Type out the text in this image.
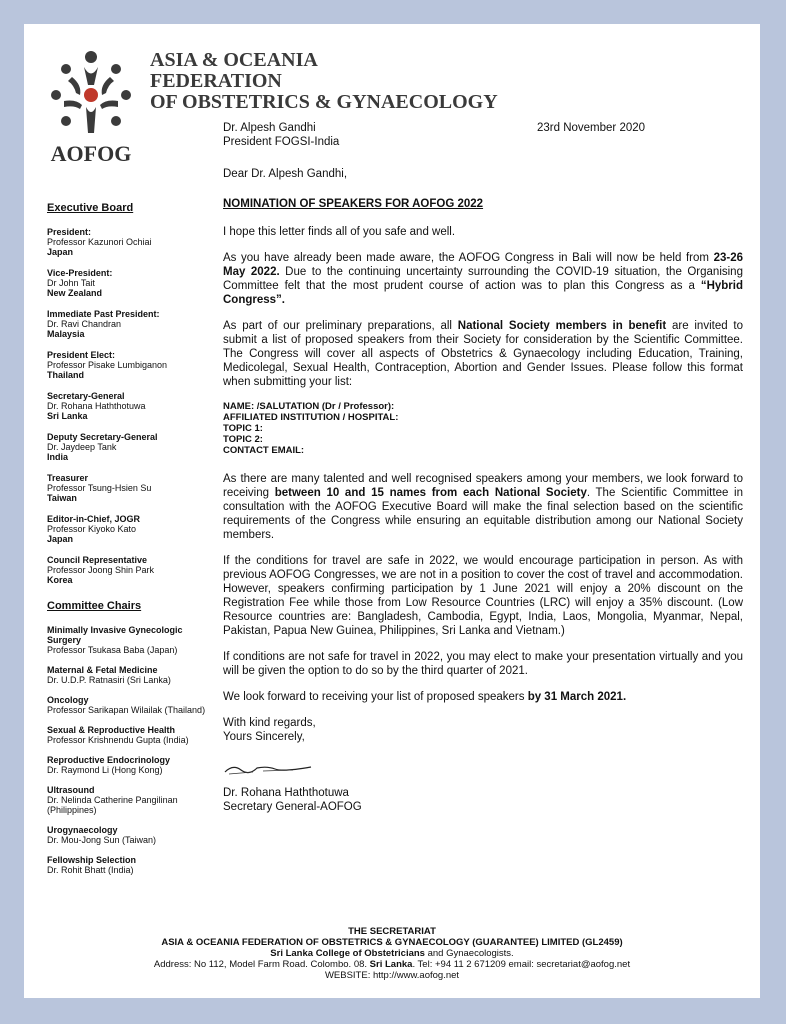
AOFOG
ASIA & OCEANIA
FEDERATION
OF OBSTETRICS & GYNAECOLOGY
Executive Board
President:
Professor Kazunori Ochiai
Japan
Vice-President:
Dr John Tait
New Zealand
Immediate Past President:
Dr. Ravi Chandran
Malaysia
President Elect:
Professor Pisake Lumbiganon
Thailand
Secretary-General
Dr. Rohana Haththotuwa
Sri Lanka
Deputy Secretary-General
Dr. Jaydeep Tank
India
Treasurer
Professor Tsung-Hsien Su
Taiwan
Editor-in-Chief, JOGR
Professor Kiyoko Kato
Japan
Council Representative
Professor Joong Shin Park
Korea
Committee Chairs
Minimally Invasive Gynecologic Surgery
Professor Tsukasa Baba (Japan)
Maternal & Fetal Medicine
Dr. U.D.P. Ratnasiri (Sri Lanka)
Oncology
Professor Sarikapan Wilailak (Thailand)
Sexual & Reproductive Health
Professor Krishnendu Gupta (India)
Reproductive Endocrinology
Dr. Raymond Li (Hong Kong)
Ultrasound
Dr. Nelinda Catherine Pangilinan (Philippines)
Urogynaecology
Dr. Mou-Jong Sun (Taiwan)
Fellowship Selection
Dr. Rohit Bhatt (India)
Dr. Alpesh Gandhi
President FOGSI-India
23rd November 2020
Dear Dr. Alpesh Gandhi,
NOMINATION OF SPEAKERS FOR AOFOG 2022

I hope this letter finds all of you safe and well.

As you have already been made aware, the AOFOG Congress in Bali will now be held from 23-26 May 2022. Due to the continuing uncertainty surrounding the COVID-19 situation, the Organising Committee felt that the most prudent course of action was to plan this Congress as a “Hybrid Congress”.

As part of our preliminary preparations, all National Society members in benefit are invited to submit a list of proposed speakers from their Society for consideration by the Scientific Committee. The Congress will cover all aspects of Obstetrics & Gynaecology including Education, Training, Medicolegal, Sexual Health, Contraception, Abortion and Gender Issues. Please follow this format when submitting your list:

NAME: /SALUTATION (Dr / Professor):
AFFILIATED INSTITUTION / HOSPITAL:
TOPIC 1:
TOPIC 2:
CONTACT EMAIL:

As there are many talented and well recognised speakers among your members, we look forward to receiving between 10 and 15 names from each National Society. The Scientific Committee in consultation with the AOFOG Executive Board will make the final selection based on the scientific requirements of the Congress while ensuring an equitable distribution among our National Society members.

If the conditions for travel are safe in 2022, we would encourage participation in person. As with previous AOFOG Congresses, we are not in a position to cover the cost of travel and accommodation. However, speakers confirming participation by 1 June 2021 will enjoy a 20% discount on the Registration Fee while those from Low Resource Countries (LRC) will enjoy a 35% discount. (Low Resource countries are: Bangladesh, Cambodia, Egypt, India, Laos, Mongolia, Myanmar, Nepal, Pakistan, Papua New Guinea, Philippines, Sri Lanka and Vietnam.)

If conditions are not safe for travel in 2022, you may elect to make your presentation virtually and you will be given the option to do so by the third quarter of 2021.

We look forward to receiving your list of proposed speakers by 31 March 2021.

With kind regards,
Yours Sincerely,
Dr. Rohana Haththotuwa
Secretary General-AOFOG
THE SECRETARIAT
ASIA & OCEANIA FEDERATION OF OBSTETRICS & GYNAECOLOGY (GUARANTEE) LIMITED (GL2459)
Sri Lanka College of Obstetricians and Gynaecologists.
Address: No 112, Model Farm Road. Colombo. 08. Sri Lanka. Tel: +94 11 2 671209 email: secretariat@aofog.net
WEBSITE: http://www.aofog.net
